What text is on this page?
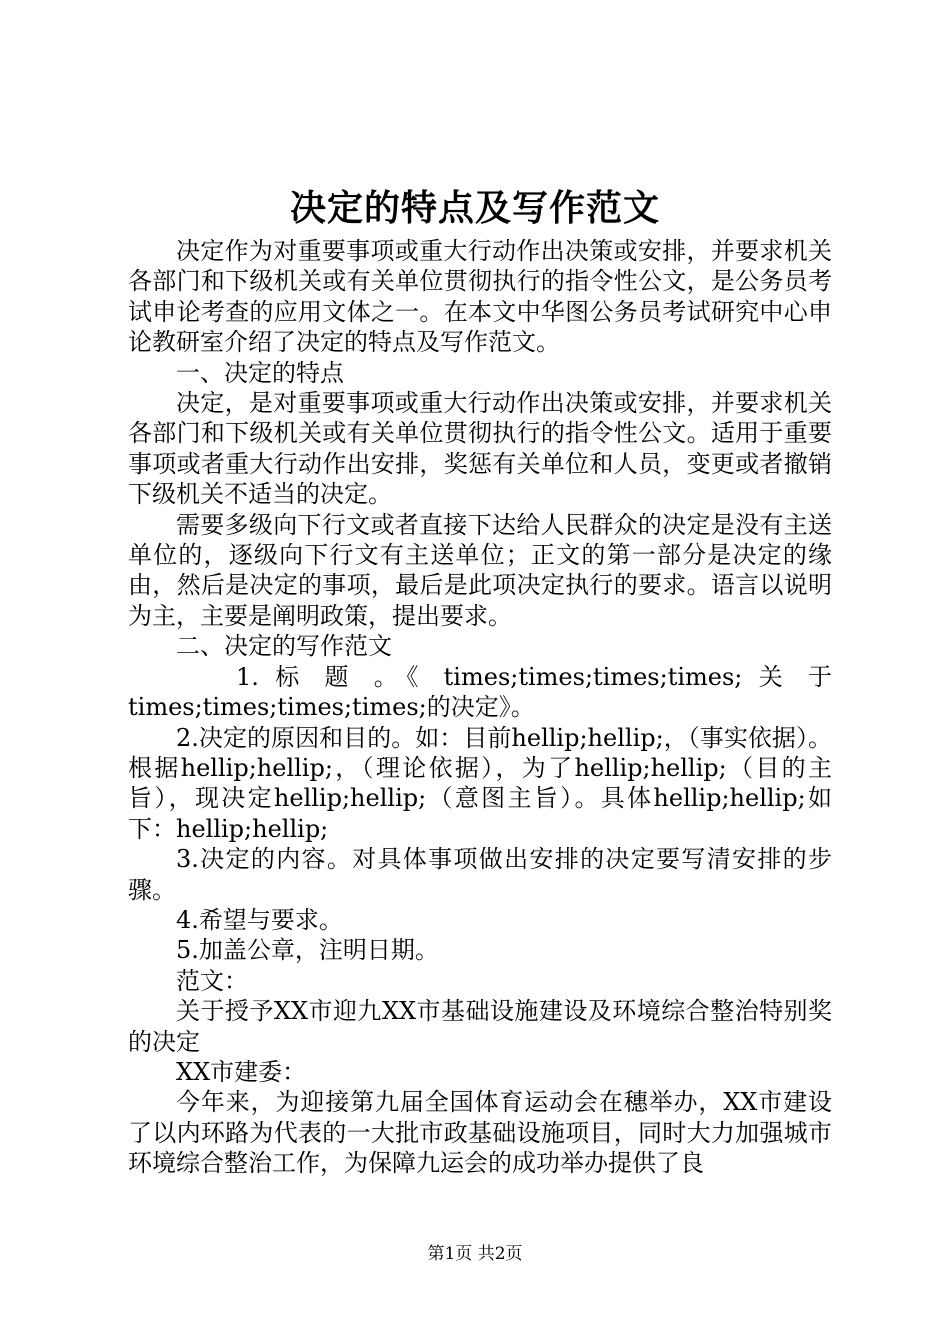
决定的特点及写作范文

决定作为对重要事项或重大行动作出决策或安排，并要求机关各部门和下级机关或有关单位贯彻执行的指令性公文，是公务员考试申论考查的应用文体之一。在本文中华图公务员考试研究中心申论教研室介绍了决定的特点及写作范文。

一、决定的特点

决定，是对重要事项或重大行动作出决策或安排，并要求机关各部门和下级机关或有关单位贯彻执行的指令性公文。适用于重要事项或者重大行动作出安排，奖惩有关单位和人员，变更或者撤销下级机关不适当的决定。

需要多级向下行文或者直接下达给人民群众的决定是没有主送单位的，逐级向下行文有主送单位；正文的第一部分是决定的缘由，然后是决定的事项，最后是此项决定执行的要求。语言以说明为主，主要是阐明政策，提出要求。

二、决定的写作范文

1. 标 题 。《 times;times;times;times; 关 于 times;times;times;times;的决定》。

2.决定的原因和目的。如：目前hellip;hellip;，（事实依据）。根据hellip;hellip;，（理论依据），为了hellip;hellip;（目的主旨），现决定hellip;hellip;（意图主旨）。具体hellip;hellip;如下：hellip;hellip;

3.决定的内容。对具体事项做出安排的决定要写清安排的步骤。

4.希望与要求。

5.加盖公章，注明日期。

范文：

关于授予XX市迎九XX市基础设施建设及环境综合整治特别奖的决定

XX市建委：

今年来，为迎接第九届全国体育运动会在穗举办，XX市建设了以内环路为代表的一大批市政基础设施项目，同时大力加强城市环境综合整治工作，为保障九运会的成功举办提供了良

第1页 共2页
